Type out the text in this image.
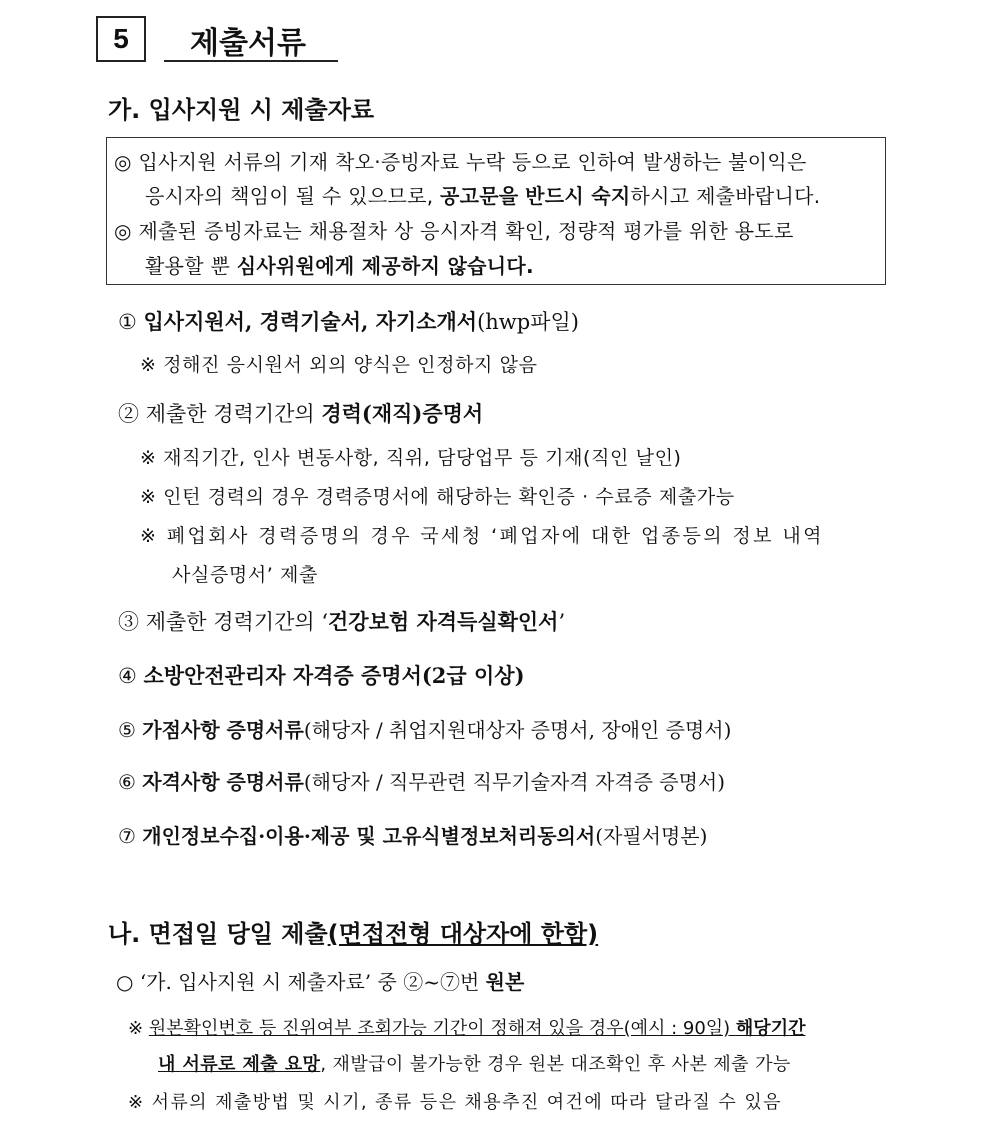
5	제출서류
가. 입사지원 시 제출자료
◎ 입사지원 서류의 기재 착오·증빙자료 누락 등으로 인하여 발생하는 불이익은
응시자의 책임이 될 수 있으므로, 공고문을 반드시 숙지하시고 제출바랍니다.
◎ 제출된 증빙자료는 채용절차 상 응시자격 확인, 정량적 평가를 위한 용도로
활용할 뿐 심사위원에게 제공하지 않습니다.
① 입사지원서, 경력기술서, 자기소개서(hwp파일)
※ 정해진 응시원서 외의 양식은 인정하지 않음
② 제출한 경력기간의 경력(재직)증명서
※ 재직기간, 인사 변동사항, 직위, 담당업무 등 기재(직인 날인)
※ 인턴 경력의 경우 경력증명서에 해당하는 확인증 · 수료증 제출가능
※ 폐업회사 경력증명의 경우 국세청 ‘폐업자에 대한 업종등의 정보 내역
사실증명서’ 제출
③ 제출한 경력기간의 ‘건강보험 자격득실확인서’
④ 소방안전관리자 자격증 증명서(2급 이상)
⑤ 가점사항 증명서류(해당자 / 취업지원대상자 증명서, 장애인 증명서)
⑥ 자격사항 증명서류(해당자 / 직무관련 직무기술자격 자격증 증명서)
⑦ 개인정보수집·이용·제공 및 고유식별정보처리동의서(자필서명본)
나. 면접일 당일 제출(면접전형 대상자에 한함)
○ ‘가. 입사지원 시 제출자료’ 중 ②~⑦번 원본
※ 원본확인번호 등 진위여부 조회가능 기간이 정해져 있을 경우(예시 : 90일) 해당기간
내 서류로 제출 요망, 재발급이 불가능한 경우 원본 대조확인 후 사본 제출 가능
※ 서류의 제출방법 및 시기, 종류 등은 채용추진 여건에 따라 달라질 수 있음
